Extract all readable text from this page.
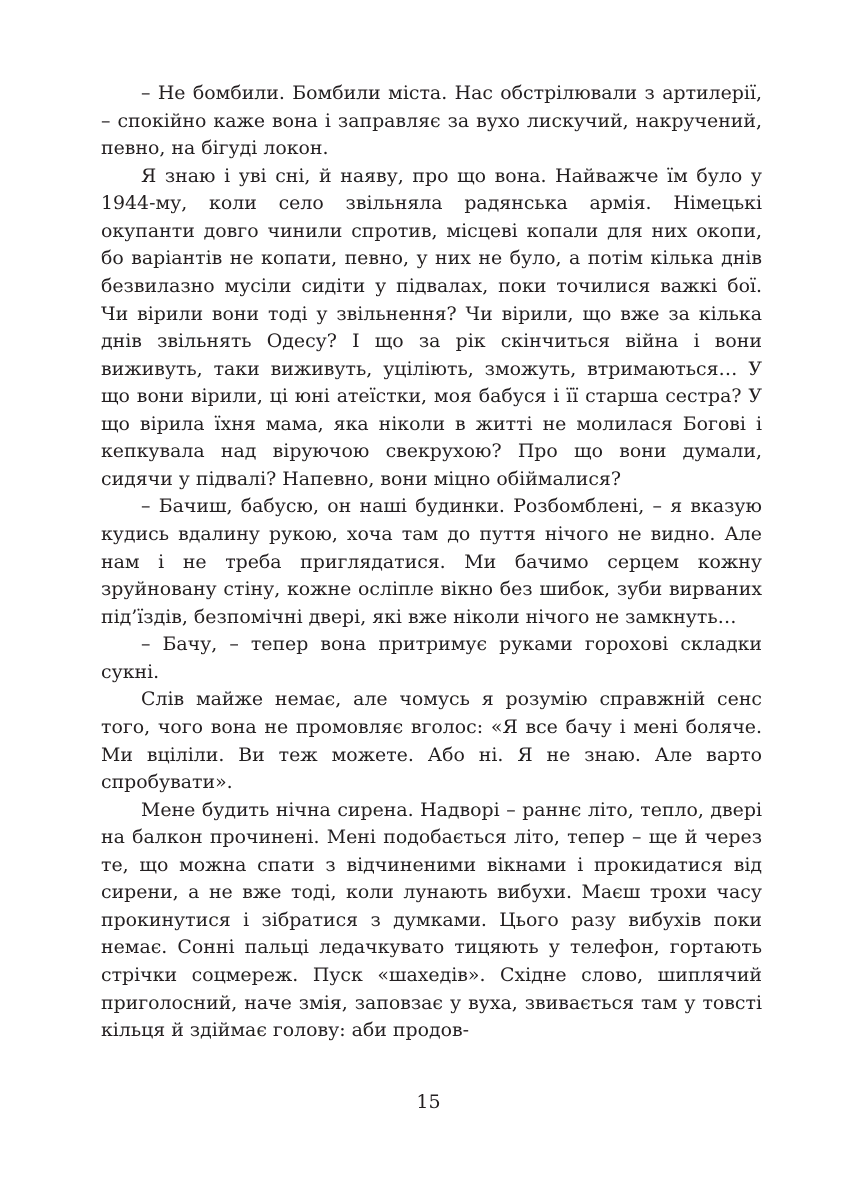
– Не бомбили. Бомбили міста. Нас обстрілювали з артилерії, – спокійно каже вона і заправляє за вухо лискучий, накручений, певно, на бігуді локон.

Я знаю і уві сні, й наяву, про що вона. Найважче їм було у 1944-му, коли село звільняла радянська армія. Німецькі окупанти довго чинили спротив, місцеві копали для них окопи, бо варіантів не копати, певно, у них не було, а потім кілька днів безвилазно мусіли сидіти у підвалах, поки точилися важкі бої. Чи вірили вони тоді у звільнення? Чи вірили, що вже за кілька днів звільнять Одесу? І що за рік скінчиться війна і вони виживуть, таки виживуть, уціліють, зможуть, втримаються… У що вони вірили, ці юні атеїстки, моя бабуся і її старша сестра? У що вірила їхня мама, яка ніколи в житті не молилася Богові і кепкувала над віруючою свекрухою? Про що вони думали, сидячи у підвалі? Напевно, вони міцно обіймалися?

– Бачиш, бабусю, он наші будинки. Розбомблені, – я вказую кудись вдалину рукою, хоча там до пуття нічого не видно. Але нам і не треба приглядатися. Ми бачимо серцем кожну зруйновану стіну, кожне осліпле вікно без шибок, зуби вирваних під’їздів, безпомічні двері, які вже ніколи нічого не замкнуть…

– Бачу, – тепер вона притримує руками горохові складки сукні.

Слів майже немає, але чомусь я розумію справжній сенс того, чого вона не промовляє вголос: «Я все бачу і мені боляче. Ми вціліли. Ви теж можете. Або ні. Я не знаю. Але варто спробувати».

Мене будить нічна сирена. Надворі – раннє літо, тепло, двері на балкон прочинені. Мені подобається літо, тепер – ще й через те, що можна спати з відчиненими вікнами і прокидатися від сирени, а не вже тоді, коли лунають вибухи. Маєш трохи часу прокинутися і зібратися з думками. Цього разу вибухів поки немає. Сонні пальці ледачкувато тицяють у телефон, гортають стрічки соцмереж. Пуск «шахедів». Східне слово, шиплячий приголосний, наче змія, заповзає у вуха, звивається там у товсті кільця й здіймає голову: аби продов-

15
